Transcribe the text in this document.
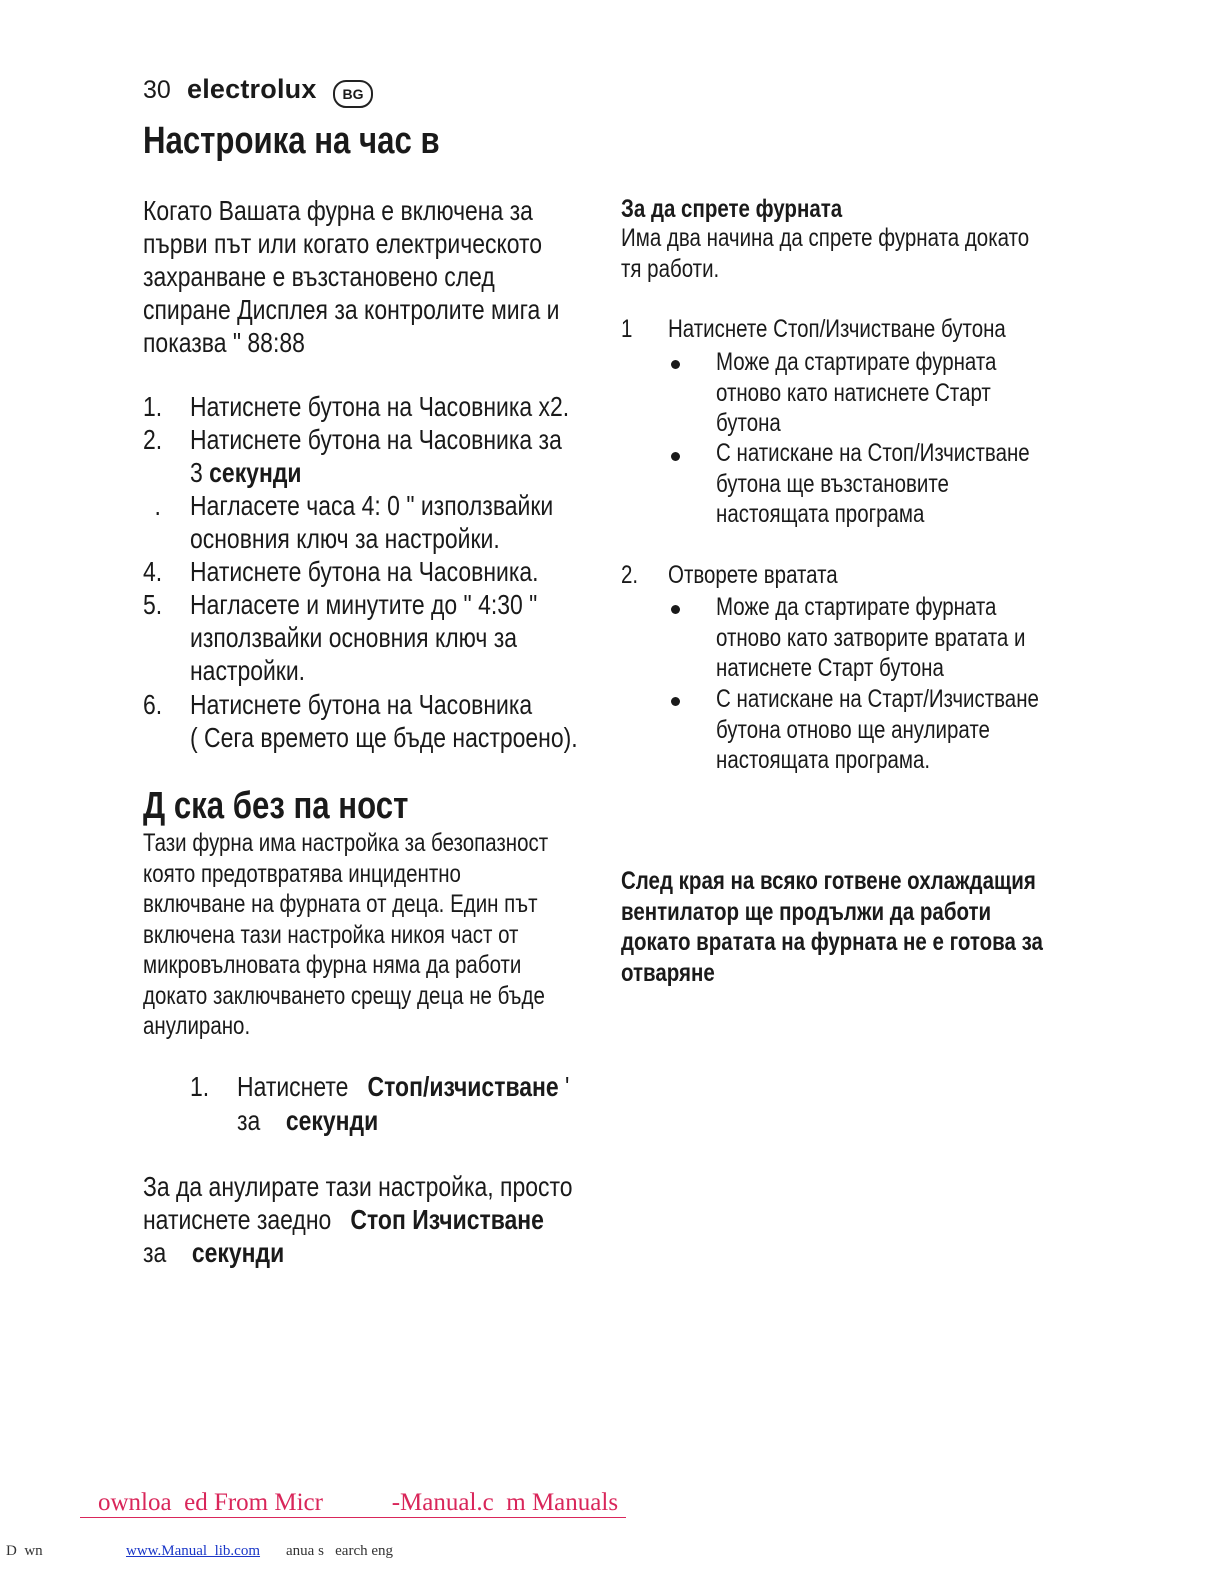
30 electrolux	BG
Настроика на час в
Когато Вашата фурна е включена за
първи път или когато електрическото
захранване е възстановено след
спиране Дисплея за контролите мига и
показва " 88:88
1. Натиснете бутона на Часовника x2.
2. Натиснете бутона на Часовника за
3 секунди
. Нагласете часа 4: 0 " използвайки
основния ключ за настройки.
4. Натиснете бутона на Часовника.
5. Нагласете и минутите до " 4:30 "
използвайки основния ключ за
настройки.
6. Натиснете бутона на Часовника
( Сега времето ще бъде настроено).
Д ска без па ност
Тази фурна има настройка за безопазност
която предотвратява инцидентно
включване на фурната от деца. Един път
включена тази настройка никоя част от
микровълновата фурна няма да работи
докато заключването срещу деца не бъде
анулирано.
1. Натиснете Стоп/изчистване '
за секунди
За да анулирате тази настройка, просто
натиснете заедно Стоп Изчистване
за секунди
За да спрете фурната
Има два начина да спрете фурната докато
тя работи.
1 Натиснете Стоп/Изчистване бутона
Може да стартирате фурната
отново като натиснете Старт
бутона
С натискане на Стоп/Изчистване
бутона ще възстановите
настоящата програма
2. Отворете вратата
Може да стартирате фурната
отново като затворите вратата и
натиснете Старт бутона
С натискане на Старт/Изчистване
бутона отново ще анулирате
настоящата програма.
След края на всяко готвене охлаждащия
вентилатор ще продължи да работи
докато вратата на фурната не е готова за
отваряне
ownloa  ed From Micr           -Manual.c  m Manuals
D  wn	www.Manual  lib.com anua s   earch eng
